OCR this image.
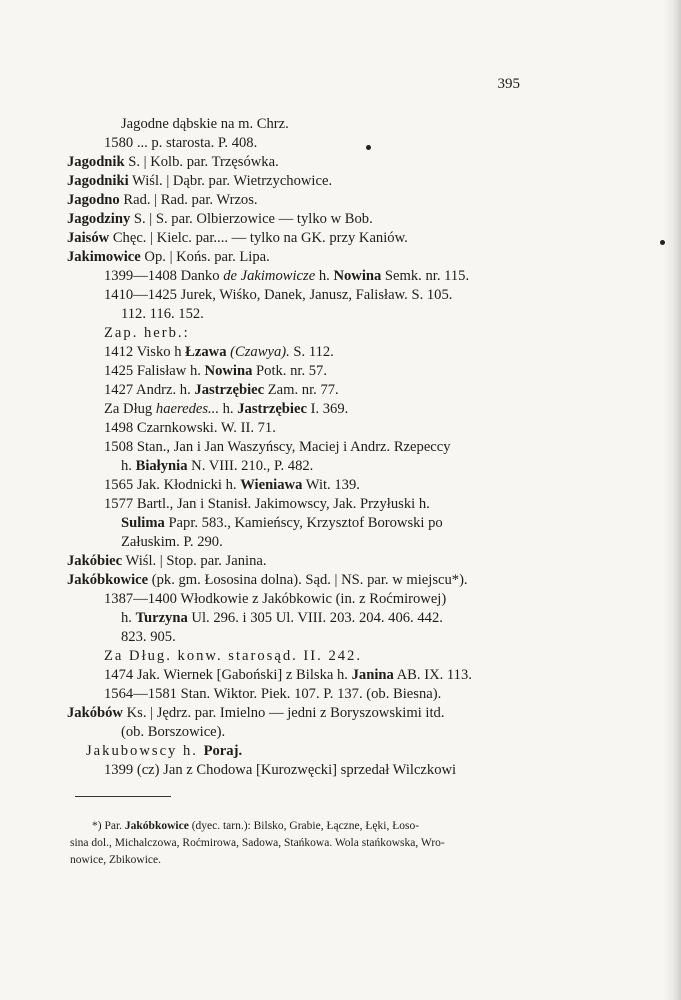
395
Jagodne dąbskie na m. Chrz.
1580 ... p. starosta. P. 408.
Jagodnik S. | Kolb. par. Trzęsówka.
Jagodniki Wiśl. | Dąbr. par. Wietrzychowice.
Jagodno Rad. | Rad. par. Wrzos.
Jagodziny S. | S. par. Olbierzowice — tylko w Bob.
Jaisów Chęc. | Kielc. par.... — tylko na GK. przy Kaniów.
Jakimowice Op. | Końs. par. Lipa.
1399—1408 Danko de Jakimowicze h. Nowina Semk. nr. 115.
1410—1425 Jurek, Wiśko, Danek, Janusz, Falisław. S. 105.
112. 116. 152.
Zap. herb.:
1412 Visko h Łzawa (Czawya). S. 112.
1425 Falisław h. Nowina Potk. nr. 57.
1427 Andrz. h. Jastrzębiec Zam. nr. 77.
Za Dług haeredes... h. Jastrzębiec I. 369.
1498 Czarnkowski. W. II. 71.
1508 Stan., Jan i Jan Waszyńscy, Maciej i Andrz. Rzepeccy
h. Białynia N. VIII. 210., P. 482.
1565 Jak. Kłodnicki h. Wieniawa Wit. 139.
1577 Bartl., Jan i Stanisł. Jakimowscy, Jak. Przyłuski h.
Sulima Papr. 583., Kamieńscy, Krzysztof Borowski po
Załuskim. P. 290.
Jakóbiec Wiśl. | Stop. par. Janina.
Jakóbkowice (pk. gm. Łososina dolna). Sąd. | NS. par. w miejscu*).
1387—1400 Włodkowie z Jakóbkowic (in. z Roćmirowej)
h. Turzyna Ul. 296. i 305 Ul. VIII. 203. 204. 406. 442.
823. 905.
Za Dług. konw. starosąd. II. 242.
1474 Jak. Wiernek [Gaboński] z Bilska h. Janina AB. IX. 113.
1564—1581 Stan. Wiktor. Piek. 107. P. 137. (ob. Biesna).
Jakóbów Ks. | Jędrz. par. Imielno — jedni z Boryszowskimi itd.
(ob. Borszowice).
Jakubowscy h. Poraj.
1399 (cz) Jan z Chodowa [Kurozwęcki] sprzedał Wilczkowi
*) Par. Jakóbkowice (dyec. tarn.): Bilsko, Grabie, Łączne, Łęki, Łoso-
sina dol., Michalczowa, Roćmirowa, Sadowa, Stańkowa. Wola stańkowska, Wro-
nowice, Zbikowice.
